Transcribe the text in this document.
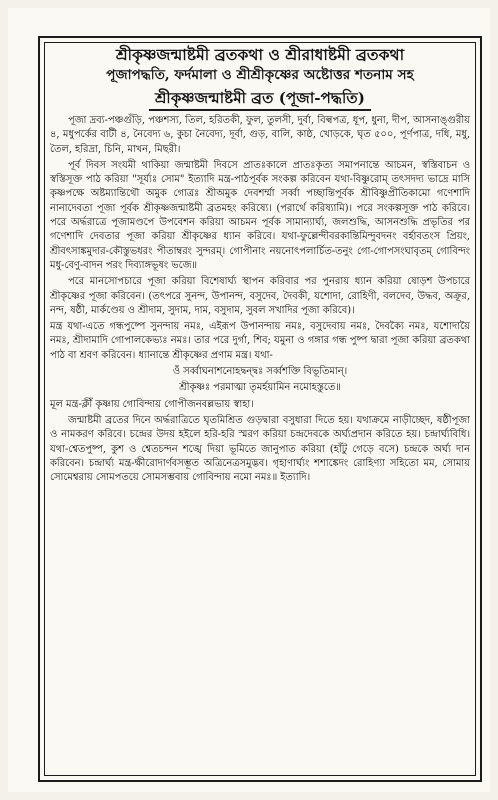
শ্রীকৃষ্ণজন্মাষ্টমী ব্রতকথা ও শ্রীরাধাষ্টমী ব্রতকথা
পূজাপদ্ধতি, ফর্দমালা ও শ্রীশ্রীকৃষ্ণের অষ্টোত্তর শতনাম সহ
শ্রীকৃষ্ণজন্মাষ্টমী ব্রত (পূজা-পদ্ধতি)

পূজা দ্রব্য-পঞ্চগুঁড়ি, পঞ্চশস্য, তিল, হরিতকী, ফুল, তুলসী, দুর্বা, বিল্বপত্র, ধূপ, ধুনা, দীপ, আসনাঙ্গুরীয় ৪, মধুপর্কের বাটী ৪, নৈবেদ্য ৬, কুচা নৈবেদ্য, দূর্বা, গুড়, বালি, কাষ্ঠ, খোড়কে, ঘৃত ৫০০, পূর্ণপাত্র, দধি, মধু, তৈল, হরিদ্রা, চিনি, মাখন, মিছরী।

পূর্ব দিবস সংযমী থাকিয়া জন্মাষ্টমী দিবসে প্রাতঃকালে প্রাতঃকৃত্য সমাপনান্তে আচমন, স্বস্তিবাচন ও স্বস্তিসূক্ত পাঠ করিয়া "সূর্য্যঃ সোম" ইত্যাদি মন্ত্র-পাঠপূর্বক সংকল্প করিবেন যথা-বিষ্ণুরোম্ তৎসদদ্য ভাদ্রে মাসি কৃষ্ণপক্ষে অষ্টম্যান্তিথৌ অমুক গোত্রঃ শ্রীঅমুক দেবশর্ম্মা সর্ব্বা পচ্ছান্তিপূর্বক শ্রীবিষ্ণুপ্রীতিকামো গণেশাদি নানাদেবতা পূজা পূর্বক শ্রীকৃষ্ণজন্মাষ্টমী ব্রতমহং করিষ্যে। (পরার্থে করিষ্যামি)। পরে সংকল্পসূক্ত পাঠ করিবে। পরে অর্দ্ধরাত্রে পূজামণ্ডপে উপবেশন করিয়া আচমন পূর্বক সামান্যার্ঘ্য, জলশুদ্ধি, আসনশুদ্ধি প্রভৃতির পর গণেশাদি দেবতার পূজা করিয়া শ্রীকৃষ্ণের ধ্যান করিবে। যথা-ফুল্লেন্দীবরকান্তিমিন্দুবদনং বর্হাবতংস প্রিয়ং, শ্রীবৎসাঙ্কমুদার-কৌস্তুভধরং পীতাম্বরং সুন্দরম্। গোপীনাং নয়নোৎপলার্চিত-তনুং গো-গোপসংঘাবৃতম্ গোবিন্দং মধু-বেণু-বাদন পরং দিব্যাঙ্গভূষং ভজে॥

পরে মানসোপচারে পূজা করিয়া বিশেষার্ঘ্য স্থাপন করিবার পর পুনরায় ধ্যান করিয়া ষোড়শ উপচারে শ্রীকৃষ্ণের পূজা করিবেন। (তৎপরে সুনন্দ, উপানন্দ, বসুদেব, দৈবকী, যশোদা, রোহিণী, বলদেব, উদ্ধব, অক্রূর, নন্দ, ষষ্ঠী, মার্কণ্ডেয় ও শ্রীদাম, সুদাম, দাম, বসুদাম, সুবল সখাদির পূজা করিবে)।

মন্ত্র যথা-এতে গন্ধপুষ্পে সুনন্দায় নমঃ, এইরূপ উপানন্দায় নমঃ, বসুদেবায় নমঃ, দৈবক্যৈ নমঃ, যশোদায়ৈ নমঃ, শ্রীদামাদি গোপালকেভ্যঃ নমঃ। তার পরে দুর্গা, শিব; যমুনা ও গঙ্গার গন্ধ পুষ্প দ্বারা পূজা করিয়া ব্রতকথা পাঠ বা শ্রবণ করিবেন। ধ্যানান্তে শ্রীকৃষ্ণের প্রণাম মন্ত্র। যথা-

ওঁ সর্ব্বাঘনাশনোহদ্বন্দ্বঃ সর্ব্বশক্তি বিভূতিমান্।

শ্রীকৃষ্ণঃ পরমাত্মা তৃমর্হয়ামিন নমোহস্তুতে॥

মূল মন্ত্র-ক্লীঁ কৃষ্ণায় গোবিন্দায় গোপীজনবল্লভায় স্বাহা।

জন্মাষ্টমী ব্রতের দিনে অর্দ্ধরাত্রিতে ঘৃতমিশ্রিত গুড়দ্বারা বসুধারা দিতে হয়। যথাক্রমে নাড়ীচ্ছেদ, ষষ্ঠীপূজা ও নামকরণ করিবে। চন্দ্রের উদয় হইলে হরি-হরি স্মরণ করিয়া চন্দ্রদেবকে অর্ঘ্যপ্রদান করিতে হয়। চন্দ্রার্ঘ্যবিধি। যথা-শ্বেতপুষ্প, কুশ ও শ্বেতচন্দন শঙ্খে দিয়া ভূমিতে জানুপাত করিয়া (হাঁটু গেড়ে বসে) চন্দ্রকে অর্ঘ্য দান করিবেন। চন্দ্রার্ঘ্য মন্ত্র-ক্ষীরোদার্ণবসম্ভূত অত্রিনেত্রসমুদ্ভব। গৃহাণার্ঘ্যং শশাঙ্কেদং রোহিণ্যা সহিতো মম, সোমায় সোমেশ্বরায় সোমপতয়ে সোমসম্ভবায় গোবিন্দায় নমো নমঃ॥ ইত্যাদি।
